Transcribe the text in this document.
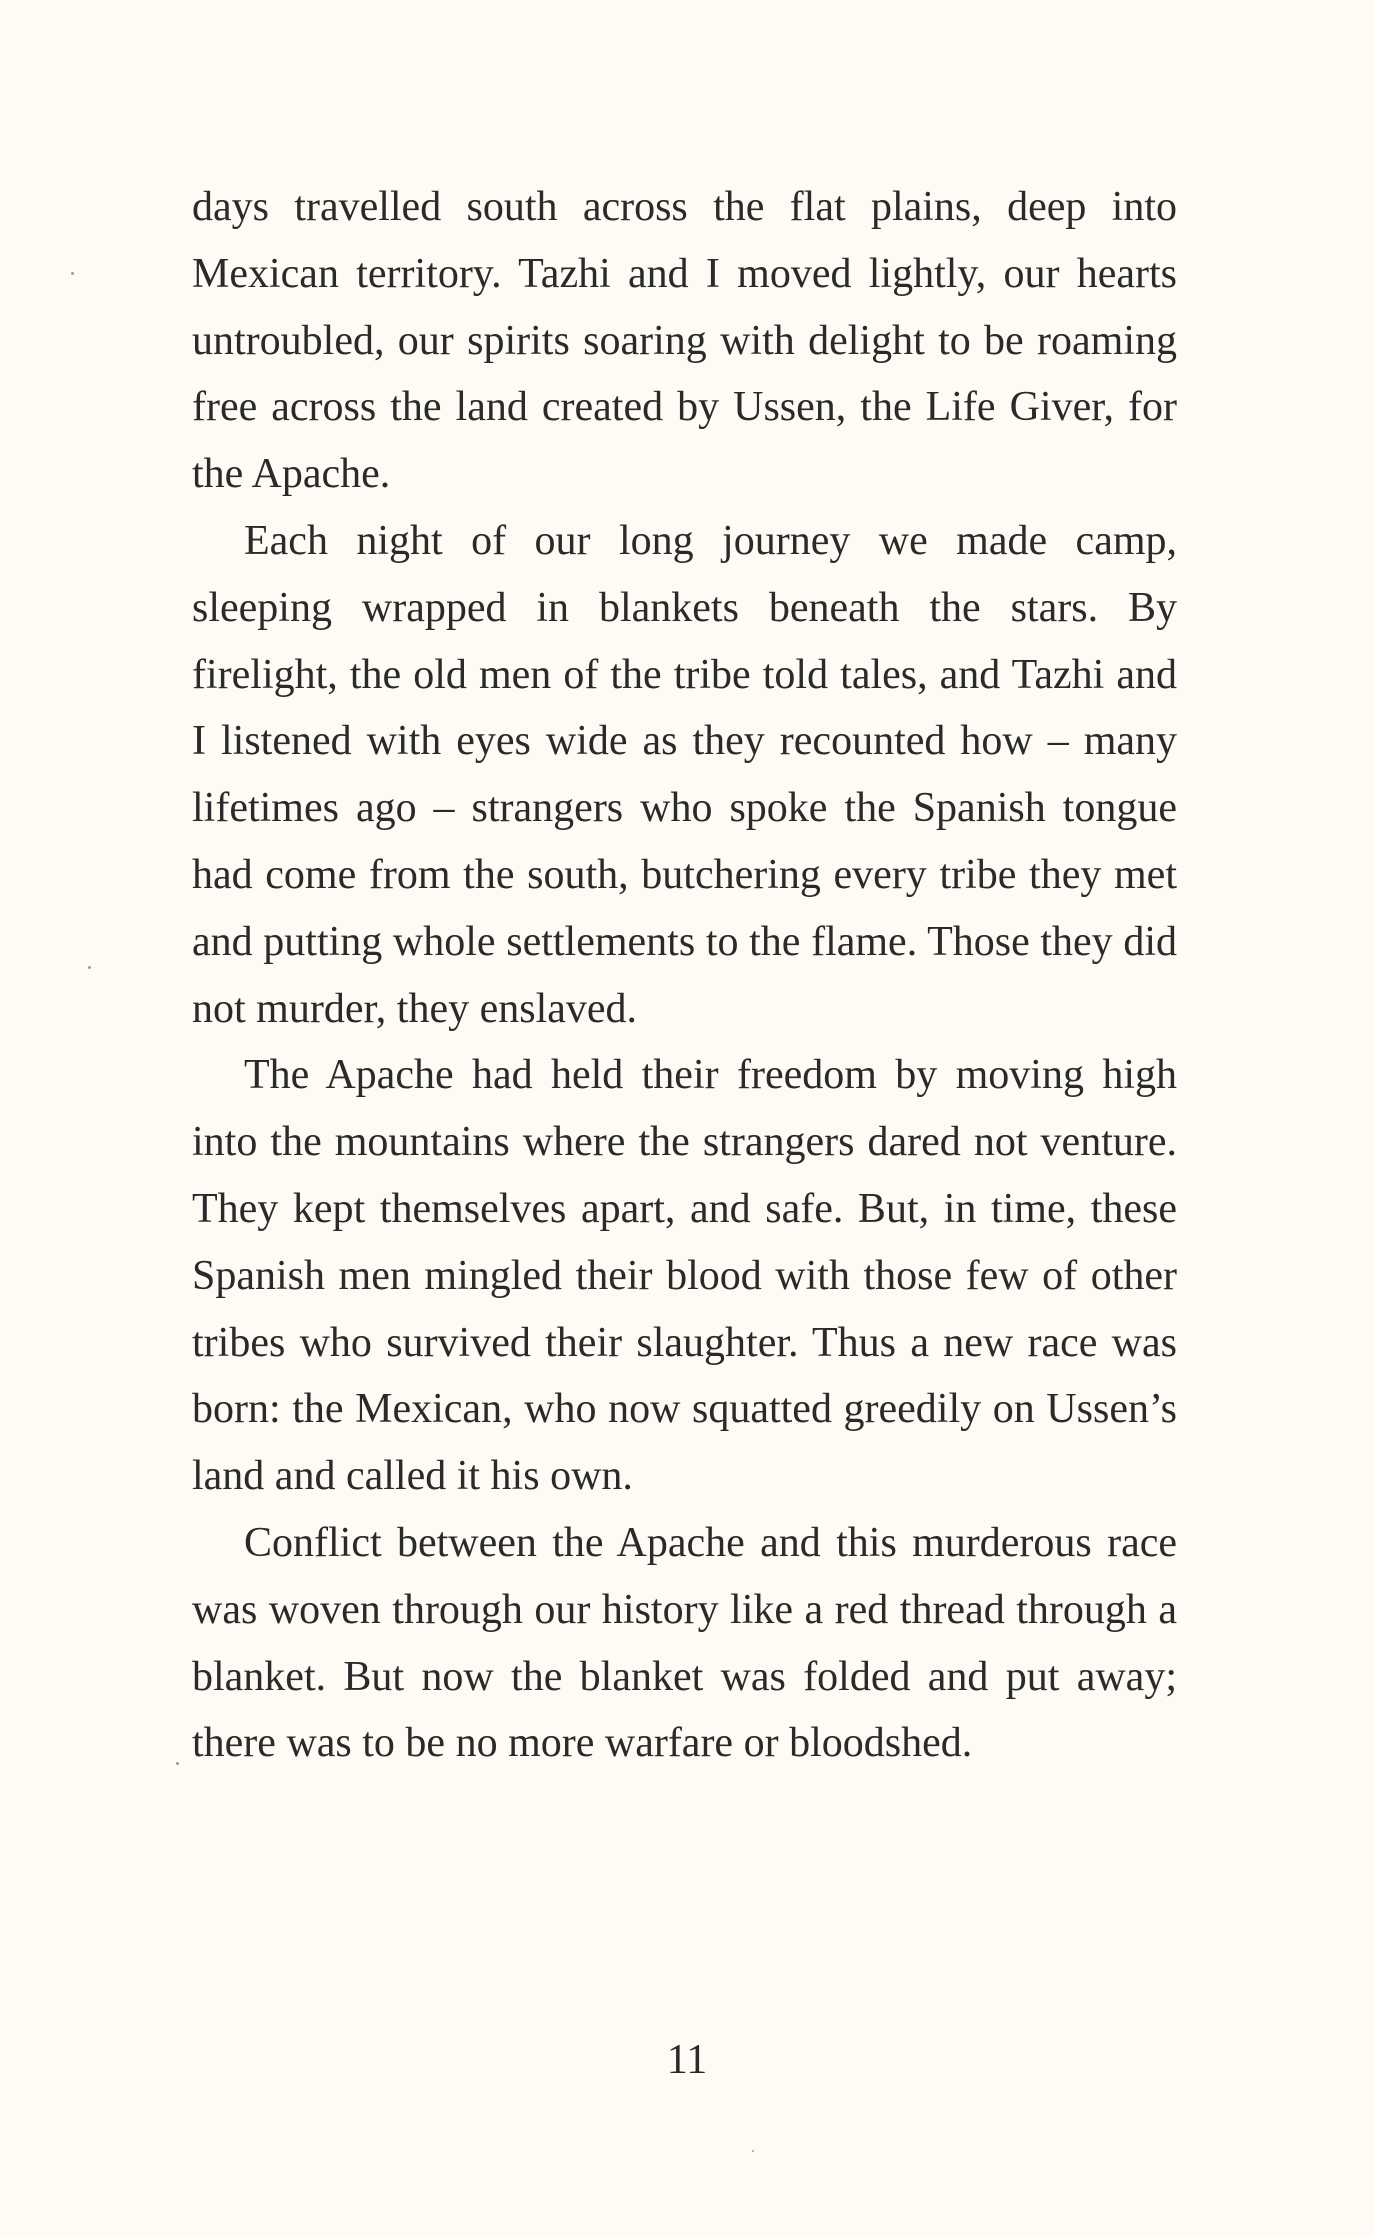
days travelled south across the flat plains, deep into Mexican territory. Tazhi and I moved lightly, our hearts untroubled, our spirits soaring with delight to be roaming free across the land created by Ussen, the Life Giver, for the Apache.

Each night of our long journey we made camp, sleeping wrapped in blankets beneath the stars. By firelight, the old men of the tribe told tales, and Tazhi and I listened with eyes wide as they recounted how – many lifetimes ago – strangers who spoke the Spanish tongue had come from the south, butchering every tribe they met and putting whole settlements to the flame. Those they did not murder, they enslaved.

The Apache had held their freedom by moving high into the mountains where the strangers dared not venture. They kept themselves apart, and safe. But, in time, these Spanish men mingled their blood with those few of other tribes who survived their slaughter. Thus a new race was born: the Mexican, who now squatted greedily on Ussen’s land and called it his own.

Conflict between the Apache and this murderous race was woven through our history like a red thread through a blanket. But now the blanket was folded and put away; there was to be no more warfare or bloodshed.

11
